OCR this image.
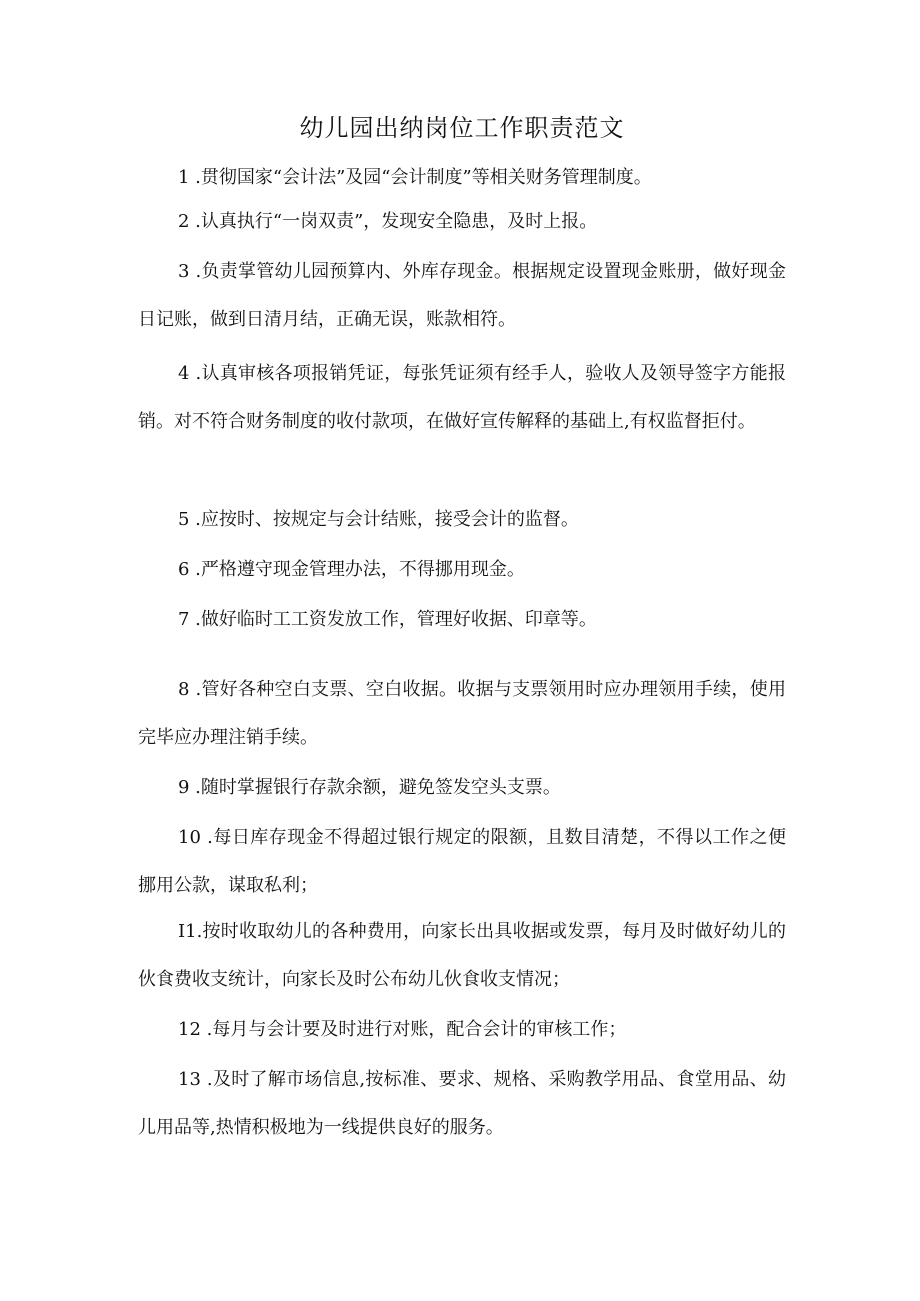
幼儿园出纳岗位工作职责范文
1 .贯彻国家“会计法”及园“会计制度”等相关财务管理制度。
2 .认真执行“一岗双责”，发现安全隐患，及时上报。
3 .负责掌管幼儿园预算内、外库存现金。根据规定设置现金账册，做好现金日记账，做到日清月结，正确无误，账款相符。
4 .认真审核各项报销凭证，每张凭证须有经手人，验收人及领导签字方能报销。对不符合财务制度的收付款项，在做好宣传解释的基础上,有权监督拒付。
5 .应按时、按规定与会计结账，接受会计的监督。
6 .严格遵守现金管理办法，不得挪用现金。
7 .做好临时工工资发放工作，管理好收据、印章等。
8 .管好各种空白支票、空白收据。收据与支票领用时应办理领用手续，使用完毕应办理注销手续。
9 .随时掌握银行存款余额，避免签发空头支票。
10 .每日库存现金不得超过银行规定的限额，且数目清楚，不得以工作之便挪用公款，谋取私利；
I1.按时收取幼儿的各种费用，向家长出具收据或发票，每月及时做好幼儿的伙食费收支统计，向家长及时公布幼儿伙食收支情况；
12 .每月与会计要及时进行对账，配合会计的审核工作；
13 .及时了解市场信息,按标准、要求、规格、采购教学用品、食堂用品、幼儿用品等,热情积极地为一线提供良好的服务。
